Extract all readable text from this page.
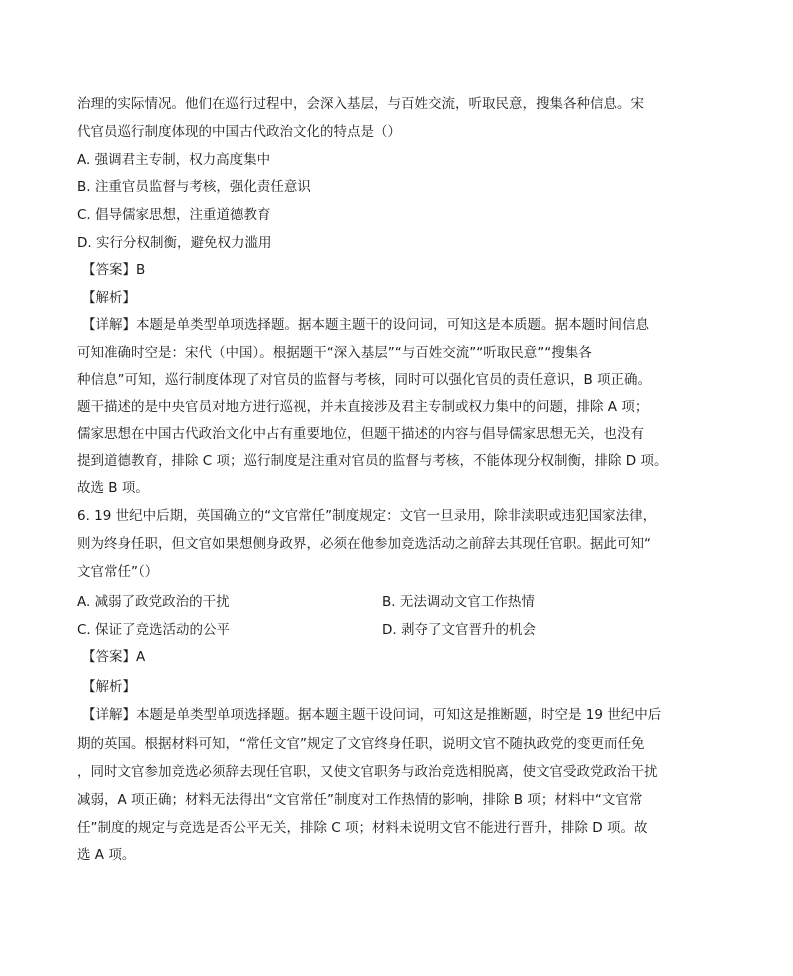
治理的实际情况。他们在巡行过程中，会深入基层，与百姓交流，听取民意，搜集各种信息。宋
代官员巡行制度体现的中国古代政治文化的特点是（）
A. 强调君主专制，权力高度集中
B. 注重官员监督与考核，强化责任意识
C. 倡导儒家思想，注重道德教育
D. 实行分权制衡，避免权力滥用
【答案】B
【解析】
【详解】本题是单类型单项选择题。据本题主题干的设问词，可知这是本质题。据本题时间信息
可知准确时空是：宋代（中国）。根据题干“深入基层”“与百姓交流”“听取民意”“搜集各
种信息”可知，巡行制度体现了对官员的监督与考核，同时可以强化官员的责任意识，B 项正确。
题干描述的是中央官员对地方进行巡视，并未直接涉及君主专制或权力集中的问题，排除 A 项；
儒家思想在中国古代政治文化中占有重要地位，但题干描述的内容与倡导儒家思想无关，也没有
提到道德教育，排除 C 项；巡行制度是注重对官员的监督与考核，不能体现分权制衡，排除 D 项。
故选 B 项。
6. 19 世纪中后期，英国确立的“文官常任”制度规定：文官一旦录用，除非渎职或违犯国家法律，
则为终身任职，但文官如果想侧身政界，必须在他参加竞选活动之前辞去其现任官职。据此可知“
文官常任”（）
A. 减弱了政党政治的干扰	B. 无法调动文官工作热情
C. 保证了竞选活动的公平	D. 剥夺了文官晋升的机会
【答案】A
【解析】
【详解】本题是单类型单项选择题。据本题主题干设问词，可知这是推断题，时空是 19 世纪中后
期的英国。根据材料可知，“常任文官”规定了文官终身任职，说明文官不随执政党的变更而任免
，同时文官参加竞选必须辞去现任官职，又使文官职务与政治竞选相脱离，使文官受政党政治干扰
减弱，A 项正确；材料无法得出“文官常任”制度对工作热情的影响，排除 B 项；材料中“文官常
任”制度的规定与竞选是否公平无关，排除 C 项；材料未说明文官不能进行晋升，排除 D 项。故
选 A 项。
